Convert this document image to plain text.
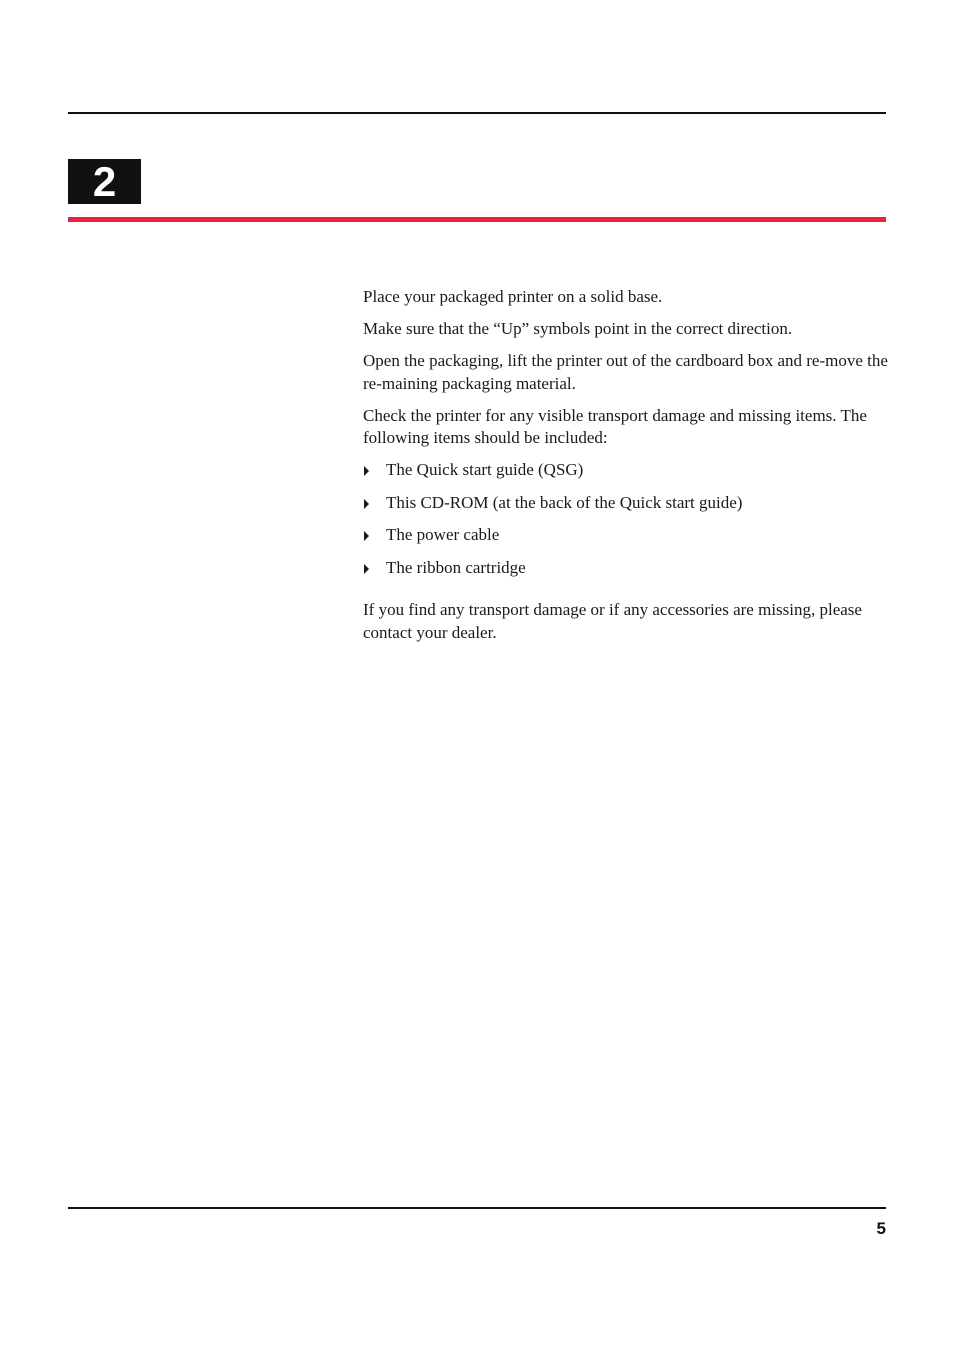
2

Place your packaged printer on a solid base.

Make sure that the “Up” symbols point in the correct direction.

Open the packaging, lift the printer out of the cardboard box and re-move the re-maining packaging material.

Check the printer for any visible transport damage and missing items. The following items should be included:

The Quick start guide (QSG)
This CD-ROM (at the back of the Quick start guide)
The power cable
The ribbon cartridge

If you find any transport damage or if any accessories are missing, please contact your dealer.

5
